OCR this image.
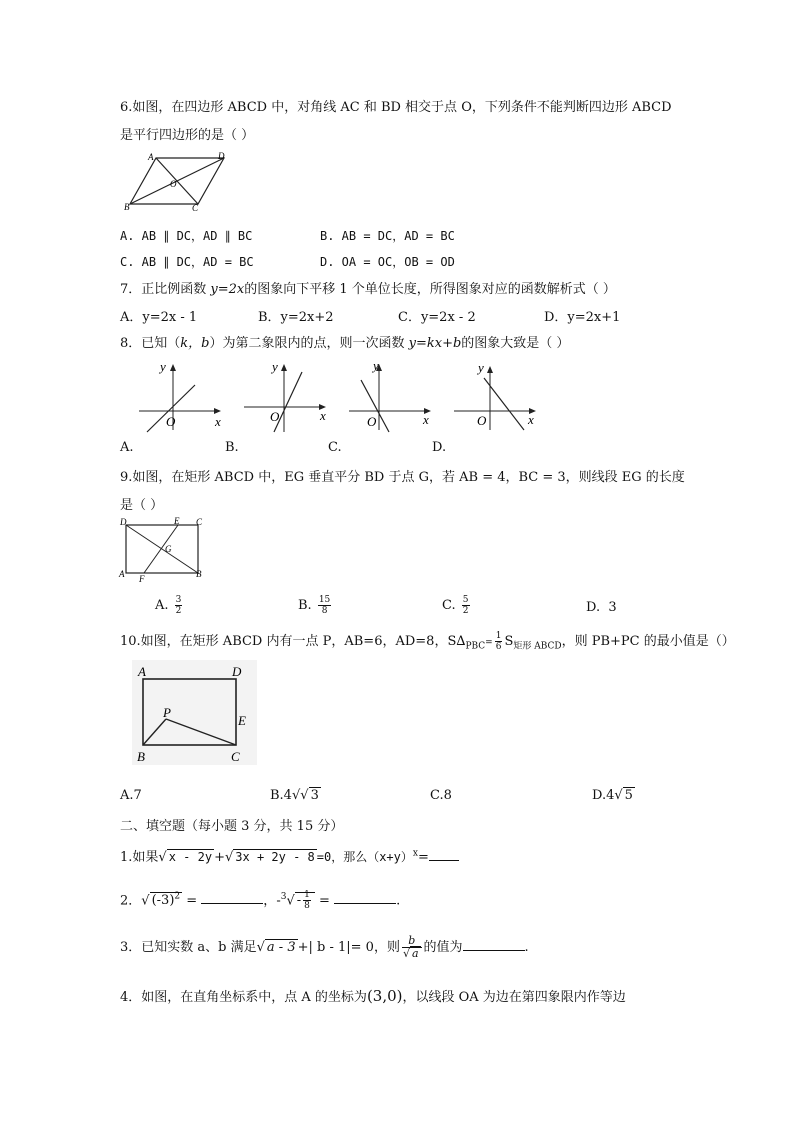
6.如图，在四边形 ABCD 中，对角线 AC 和 BD 相交于点 O，下列条件不能判断四边形 ABCD
是平行四边形的是（ ）
A	D
O
B	C
A. AB ∥ DC，AD ∥ BC	B. AB = DC，AD = BC
C. AB ∥ DC，AD = BC	D. OA = OC，OB = OD
7．正比例函数 y=2x的图象向下平移 1 个单位长度，所得图象对应的函数解析式（ ）
A．y=2x - 1	B．y=2x+2	C．y=2x - 2	D．y=2x+1
8．已知（k，b）为第二象限内的点，则一次函数 y=kx+b的图象大致是（ ）
x
y
O	x
y
O	x
y
O	x
y
O
A.	B.	C.	D.
9.如图，在矩形 ABCD 中，EG 垂直平分 BD 于点 G，若 AB = 4，BC = 3，则线段 EG 的长度
是（ ）
D	E C
G
A F	B
A. $\frac{3}{2}$	B. $\frac{15}{8}$	C. $\frac{5}{2}$	D. 3
10.如图，在矩形 ABCD 内有一点 P，AB=6，AD=8，$S\Delta_{PBC}= \frac{1}{6} S_{矩形 ABCD}$，则 PB+PC 的最小值是（）
A	D
P
E
B	C
A.7	B.4√√ 3	C.8	D.4√ 5
二、填空题（每小题 3 分，共 15 分）
1.如果√ x - 2y +√ 3x + 2y - 8 =0，那么$(x+y)^x=$
2．√ $(-3)^2$ =	，$-^3√ - \frac{1}{8}$ =	.
3．已知实数 a、b 满足√ a - 3 +| b - 1|= 0，则 $\frac{b}{√ a}$ 的值为	.
4．如图，在直角坐标系中，点 A 的坐标为(3,0)，以线段 OA 为边在第四象限内作等边
